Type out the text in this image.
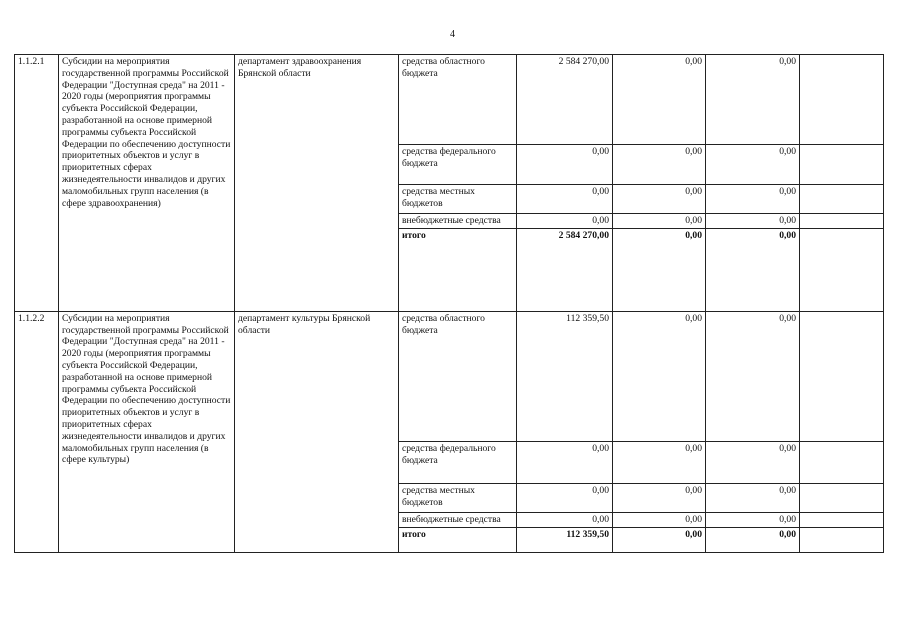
4
1.1.2.1	Субсидии на мероприятия государственной программы Российской Федерации "Доступная среда" на 2011 - 2020 годы (мероприятия программы субъекта Российской Федерации, разработанной на основе примерной программы субъекта Российской Федерации по обеспечению доступности приоритетных объектов и услуг в приоритетных сферах жизнедеятельности инвалидов и других маломобильных групп населения (в сфере здравоохранения)	департамент здравоохранения Брянской области	средства областного бюджета	2 584 270,00	0,00	0,00	
			средства федерального бюджета	0,00	0,00	0,00	
			средства местных бюджетов	0,00	0,00	0,00	
			внебюджетные средства	0,00	0,00	0,00	
			итого	2 584 270,00	0,00	0,00	
1.1.2.2	Субсидии на мероприятия государственной программы Российской Федерации "Доступная среда" на 2011 - 2020 годы (мероприятия программы субъекта Российской Федерации, разработанной на основе примерной программы субъекта Российской Федерации по обеспечению доступности приоритетных объектов и услуг в приоритетных сферах жизнедеятельности инвалидов и других маломобильных групп населения (в сфере культуры)	департамент культуры Брянской области	средства областного бюджета	112 359,50	0,00	0,00	
			средства федерального бюджета	0,00	0,00	0,00	
			средства местных бюджетов	0,00	0,00	0,00	
			внебюджетные средства	0,00	0,00	0,00	
			итого	112 359,50	0,00	0,00	
